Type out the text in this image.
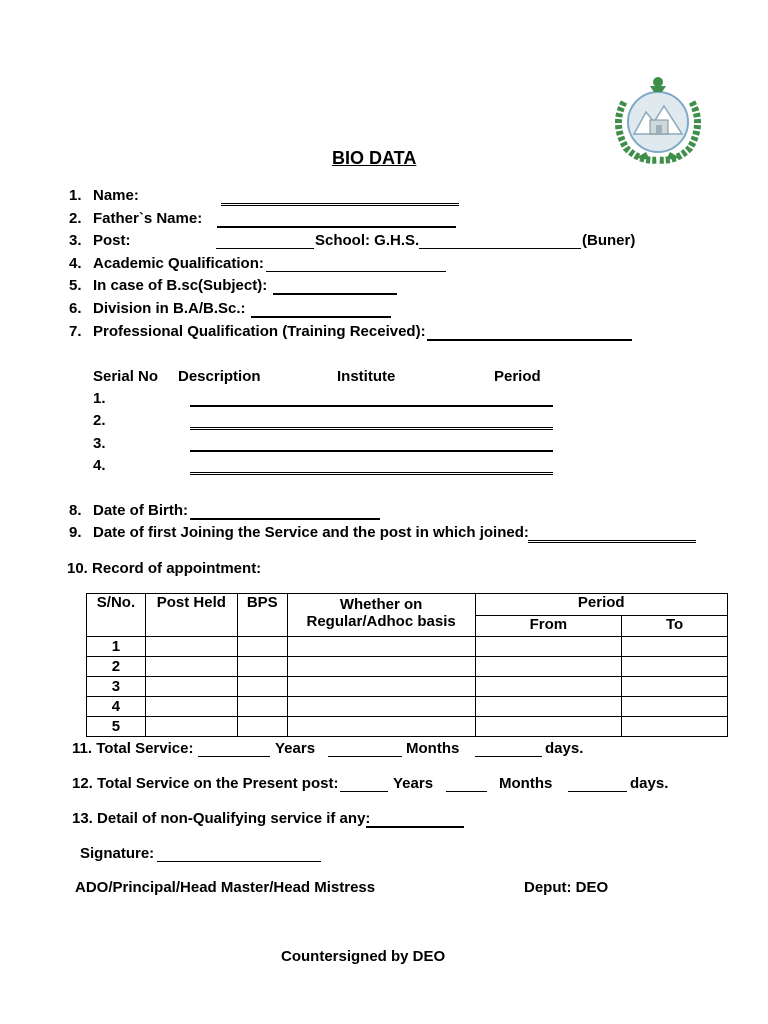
BIO DATA
1. Name:
2. Father`s Name:
3. Post:	School: G.H.S.	(Buner)
4. Academic Qualification:
5. In case of B.sc(Subject):
6. Division in B.A/B.Sc.:
7. Professional Qualification (Training Received):
Serial No Description	Institute	Period
1.
2.
3.
4.
8. Date of Birth:
9. Date of first Joining the Service and the post in which joined:
10. Record of appointment:
S/No.	Post Held	BPS	Whether on Regular/Adhoc basis	Period	
				From	To
1					
2					
3					
4					
5					
11. Total Service:	Years	Months	days.
12. Total Service on the Present post:	Years	Months	days.
13. Detail of non-Qualifying service if any:
Signature:
ADO/Principal/Head Master/Head Mistress	Deput: DEO
Countersigned by DEO
